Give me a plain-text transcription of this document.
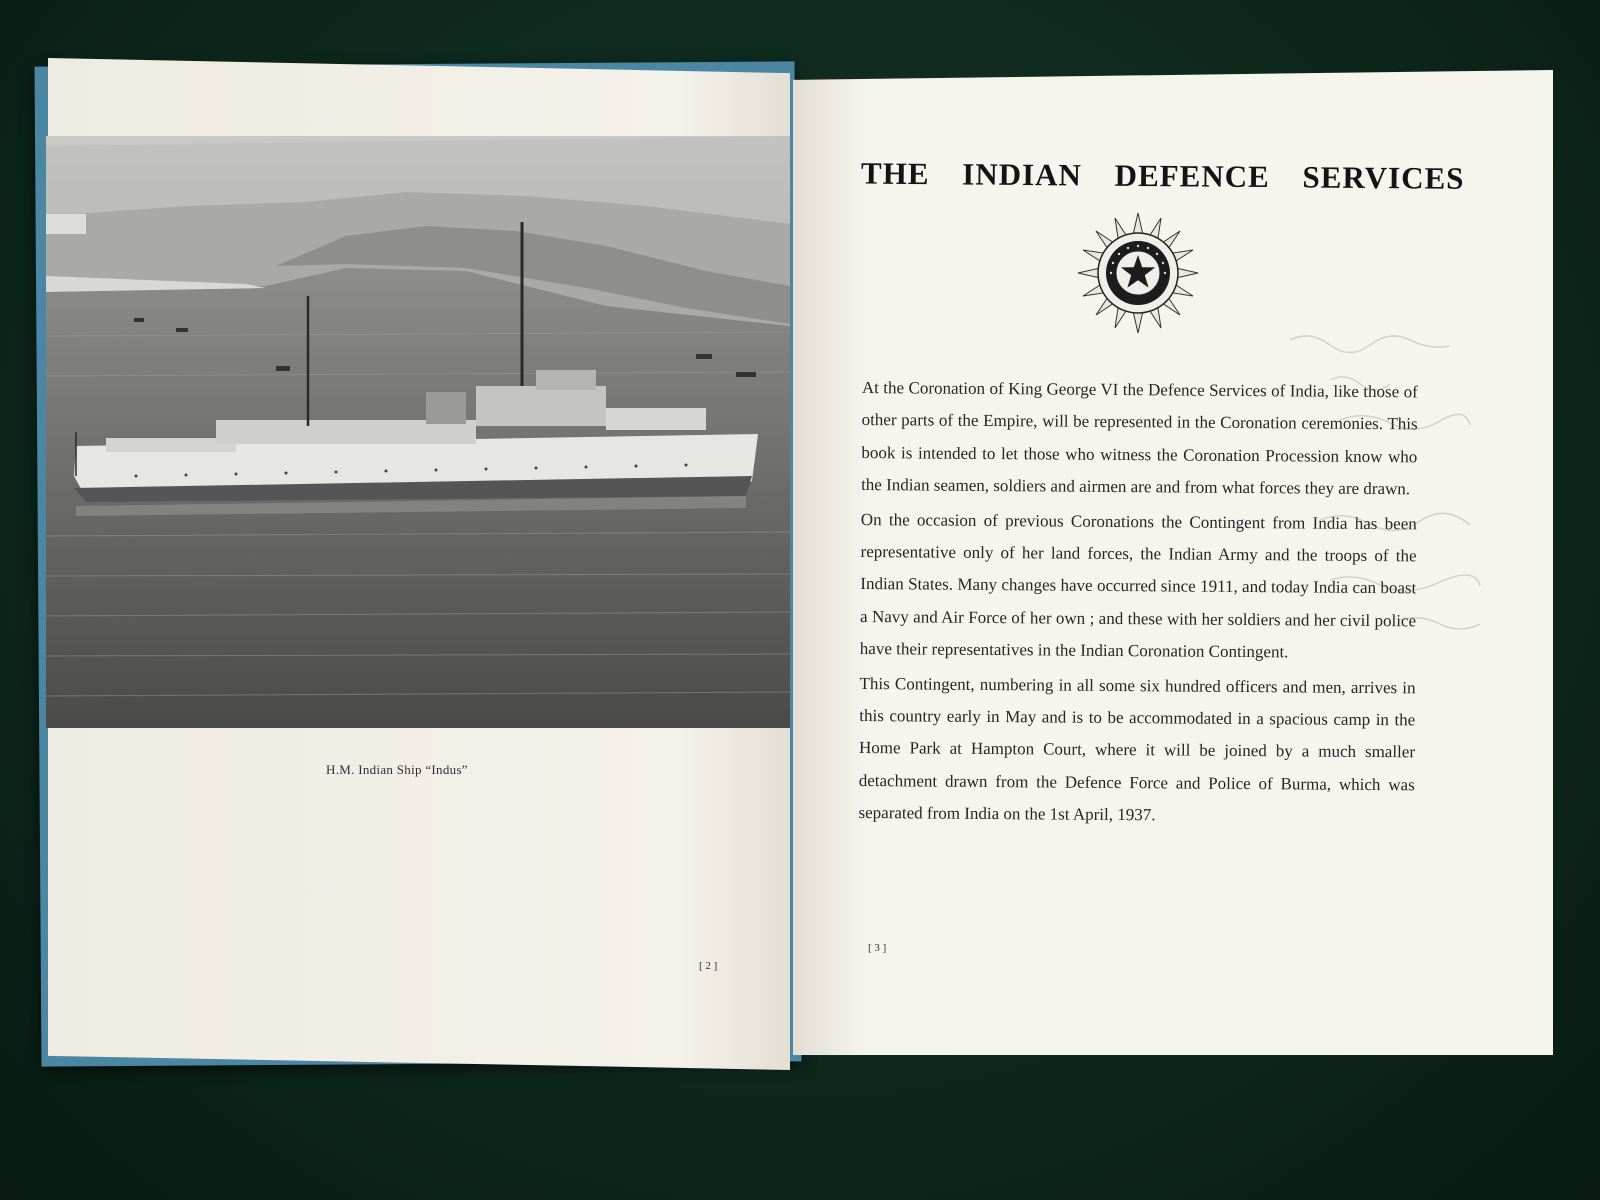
H.M. Indian Ship “Indus”
[ 2 ]
THE INDIAN DEFENCE SERVICES

At the Coronation of King George VI the Defence Services of India, like those of other parts of the Empire, will be represented in the Coronation ceremonies. This book is intended to let those who witness the Coronation Procession know who the Indian seamen, soldiers and airmen are and from what forces they are drawn.

On the occasion of previous Coronations the Contingent from India has been representative only of her land forces, the Indian Army and the troops of the Indian States. Many changes have occurred since 1911, and today India can boast a Navy and Air Force of her own ; and these with her soldiers and her civil police have their representatives in the Indian Coronation Contingent.

This Contingent, numbering in all some six hundred officers and men, arrives in this country early in May and is to be accommodated in a spacious camp in the Home Park at Hampton Court, where it will be joined by a much smaller detachment drawn from the Defence Force and Police of Burma, which was separated from India on the 1st April, 1937.

[ 3 ]
